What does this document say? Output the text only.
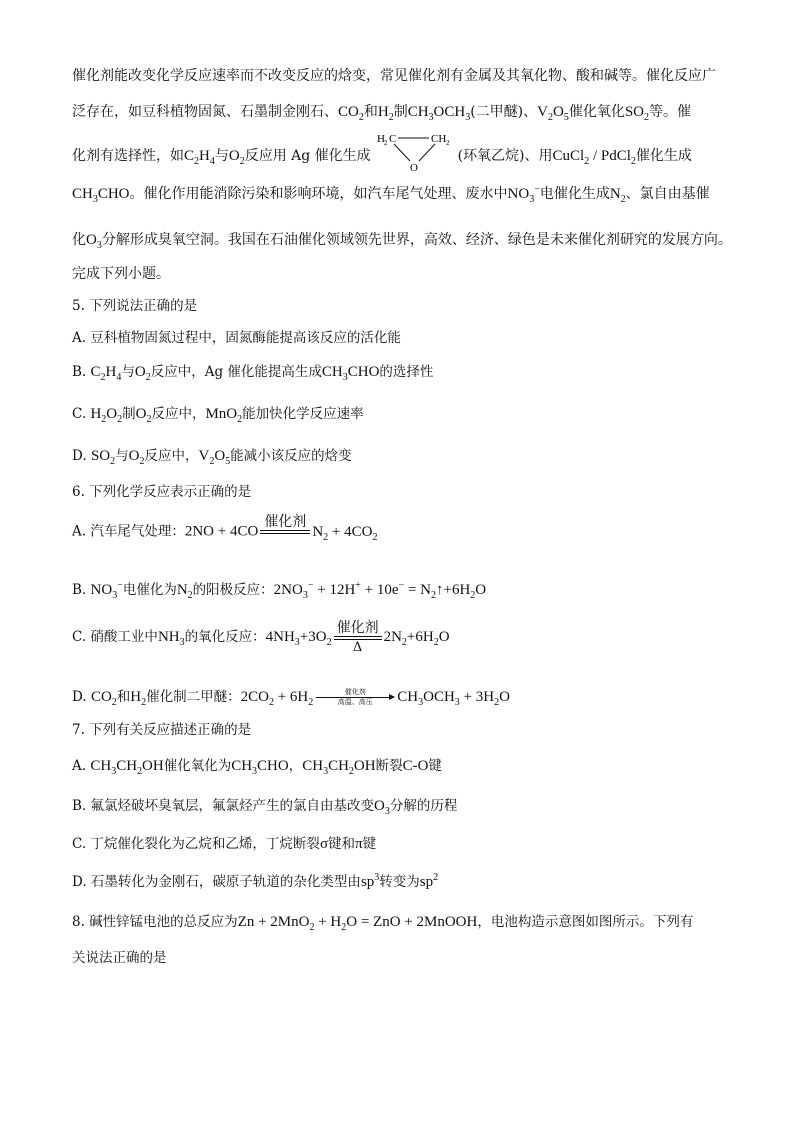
催化剂能改变化学反应速率而不改变反应的焓变，常见催化剂有金属及其氧化物、酸和碱等。催化反应广
泛存在，如豆科植物固氮、石墨制金刚石、$CO_2$和$H_2$制$CH_3OCH_3$(二甲醚)、$V_2O_5$催化氧化$SO_2$等。催
化剂有选择性，如$C_2H_4$与$O_2$反应用 Ag 催化生成
H 2 C	CH 2
O
(环氧乙烷)、用CuCl$_2$ / PdCl$_2$催化生成
$CH_3CHO$。催化作用能消除污染和影响环境，如汽车尾气处理、废水中$NO_3^-$电催化生成$N_2$、氯自由基催
化$O_3$分解形成臭氧空洞。我国在石油催化领域领先世界，高效、经济、绿色是未来催化剂研究的发展方向。
完成下列小题。
5. 下列说法正确的是
A. 豆科植物固氮过程中，固氮酶能提高该反应的活化能
B. $C_2H_4$与$O_2$反应中，Ag 催化能提高生成$CH_3CHO$的选择性
C. $H_2O_2$制$O_2$反应中，MnO$_2$能加快化学反应速率
D. $SO_2$与$O_2$反应中，$V_2O_5$能减小该反应的焓变
6. 下列化学反应表示正确的是
A. 汽车尾气处理：2NO + 4CO
催化剂

$N_2 + 4CO_2$
B. $NO_3^-$电催化为$N_2$的阳极反应：$2NO_3^- + 12H^+ + 10e^-$ = $N_2↑+6H_2O$
C. 硝酸工业中$NH_3$的氧化反应：$4NH_3+3O_2$
催化剂
Δ
$2N_2+6H_2O$
D. $CO_2$和$H_2$催化制二甲醚：$2CO_2 + 6H_2$
催化剂
高温、高压	$CH_3OCH_3 + 3H_2O$
7. 下列有关反应描述正确的是
A. $CH_3CH_2OH$催化氧化为$CH_3CHO$，$CH_3CH_2OH$断裂C-O键
B. 氟氯烃破坏臭氧层，氟氯烃产生的氯自由基改变$O_3$分解的历程
C. 丁烷催化裂化为乙烷和乙烯，丁烷断裂σ键和π键
D. 石墨转化为金刚石，碳原子轨道的杂化类型由$sp^3$转变为$sp^2$
8. 碱性锌锰电池的总反应为$Zn + 2MnO_2 + H_2O$ = ZnO + 2MnOOH，电池构造示意图如图所示。下列有
关说法正确的是
